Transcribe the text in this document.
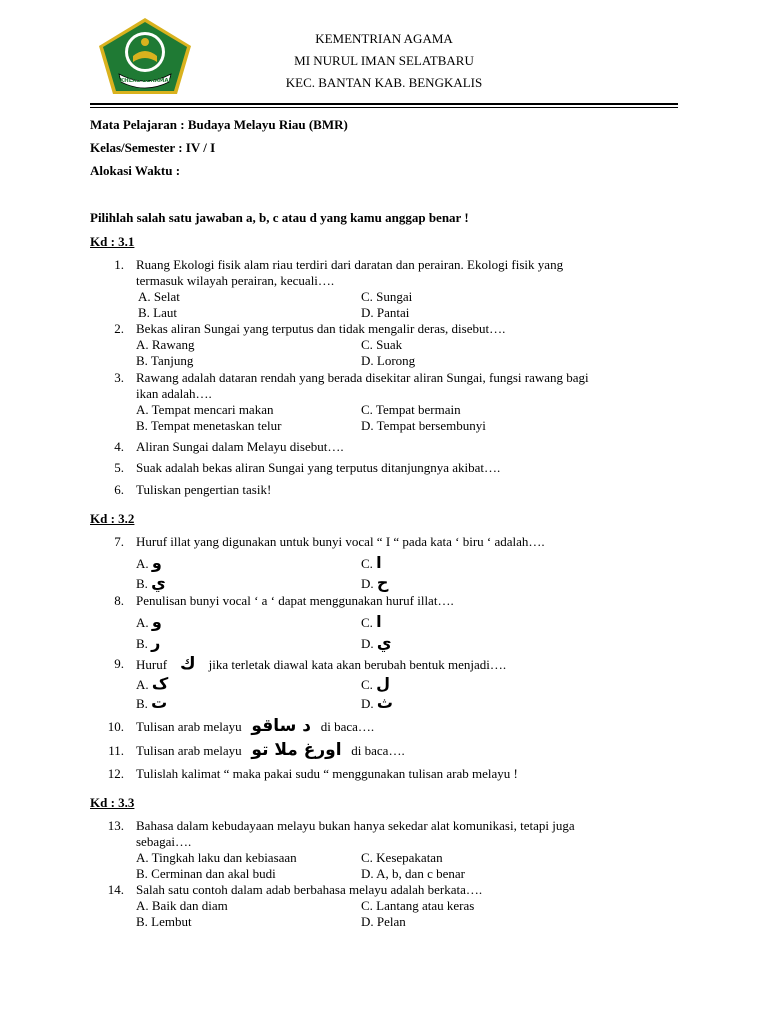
IKHLAS BERAMAL
KEMENTRIAN AGAMA
MI NURUL IMAN SELATBARU
KEC. BANTAN KAB. BENGKALIS
Mata Pelajaran : Budaya Melayu Riau (BMR)
Kelas/Semester : IV / I
Alokasi Waktu :
Pilihlah salah satu jawaban a, b, c atau d yang kamu anggap benar !
Kd : 3.1
1. Ruang Ekologi fisik alam riau terdiri dari daratan dan perairan. Ekologi fisik yang
termasuk wilayah perairan, kecuali….
A. Selat
B. Laut
C. Sungai
D. Pantai
2. Bekas aliran Sungai yang terputus dan tidak mengalir deras, disebut….
A. Rawang
B. Tanjung
C. Suak
D. Lorong
3. Rawang adalah dataran rendah yang berada disekitar aliran Sungai, fungsi rawang bagi
ikan adalah….
A. Tempat mencari makan
B. Tempat menetaskan telur
C. Tempat bermain
D. Tempat bersembunyi
4. Aliran Sungai dalam Melayu disebut….
5. Suak adalah bekas aliran Sungai yang terputus ditanjungnya akibat….
6. Tuliskan pengertian tasik!
Kd : 3.2
7. Huruf illat yang digunakan untuk bunyi vocal “ I “ pada kata ‘ biru ‘ adalah….
A. و
B. ي
C. ا
D. ح
8. Penulisan bunyi vocal ‘ a ‘ dapat menggunakan huruf illat….
A. و
B. ر
C. ا
D. ي
9. Huruf ك jika terletak diawal kata akan berubah bentuk menjadi….
A. ک
B. ت
C. ل
D. ث
10. Tulisan arab melayu د ساقو di baca….
11. Tulisan arab melayu اورغ ملا تو di baca….
12. Tulislah kalimat “ maka pakai sudu “ menggunakan tulisan arab melayu !
Kd : 3.3
13. Bahasa dalam kebudayaan melayu bukan hanya sekedar alat komunikasi, tetapi juga
sebagai….
A. Tingkah laku dan kebiasaan
B. Cerminan dan akal budi
C. Kesepakatan
D. A, b, dan c benar
14. Salah satu contoh dalam adab berbahasa melayu adalah berkata….
A. Baik dan diam
B. Lembut
C. Lantang atau keras
D. Pelan
